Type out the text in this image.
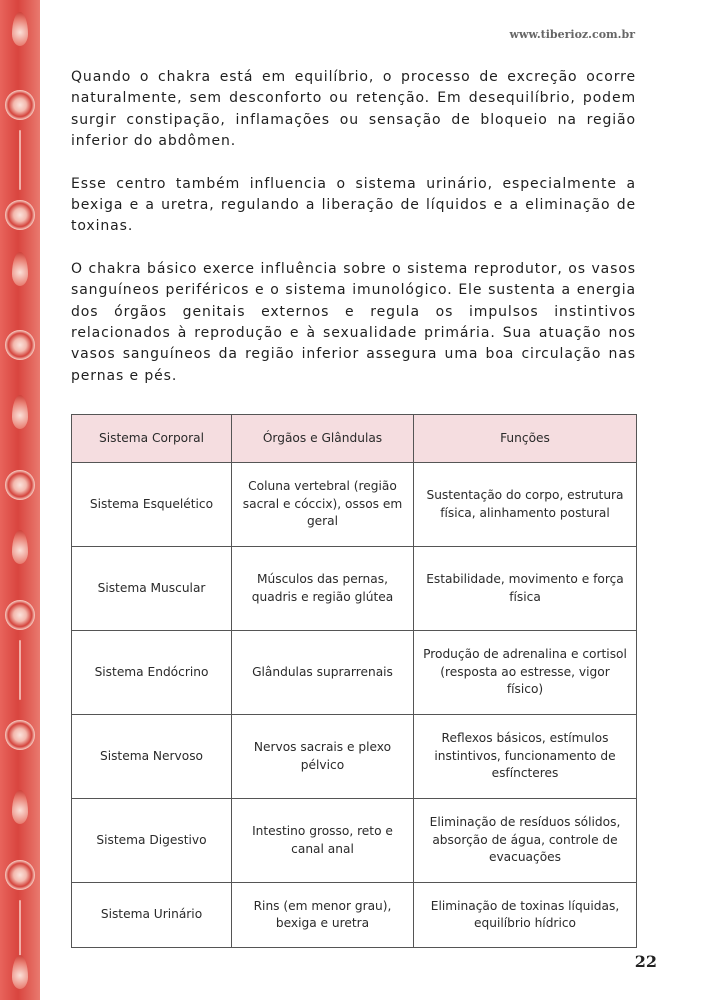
www.tiberioz.com.br

Quando o chakra está em equilíbrio, o processo de excreção ocorre naturalmente, sem desconforto ou retenção. Em desequilíbrio, podem surgir constipação, inflamações ou sensação de bloqueio na região inferior do abdômen.

Esse centro também influencia o sistema urinário, especialmente a bexiga e a uretra, regulando a liberação de líquidos e a eliminação de toxinas.

O chakra básico exerce influência sobre o sistema reprodutor, os vasos sanguíneos periféricos e o sistema imunológico. Ele sustenta a energia dos órgãos genitais externos e regula os impulsos instintivos relacionados à reprodução e à sexualidade primária. Sua atuação nos vasos sanguíneos da região inferior assegura uma boa circulação nas pernas e pés.

Sistema Corporal	Órgãos e Glândulas	Funções
Sistema Esquelético	Coluna vertebral (região sacral e cóccix), ossos em geral	Sustentação do corpo, estrutura física, alinhamento postural
Sistema Muscular	Músculos das pernas, quadris e região glútea	Estabilidade, movimento e força física
Sistema Endócrino	Glândulas suprarrenais	Produção de adrenalina e cortisol (resposta ao estresse, vigor físico)
Sistema Nervoso	Nervos sacrais e plexo pélvico	Reflexos básicos, estímulos instintivos, funcionamento de esfíncteres
Sistema Digestivo	Intestino grosso, reto e canal anal	Eliminação de resíduos sólidos, absorção de água, controle de evacuações
Sistema Urinário	Rins (em menor grau), bexiga e uretra	Eliminação de toxinas líquidas, equilíbrio hídrico
22
